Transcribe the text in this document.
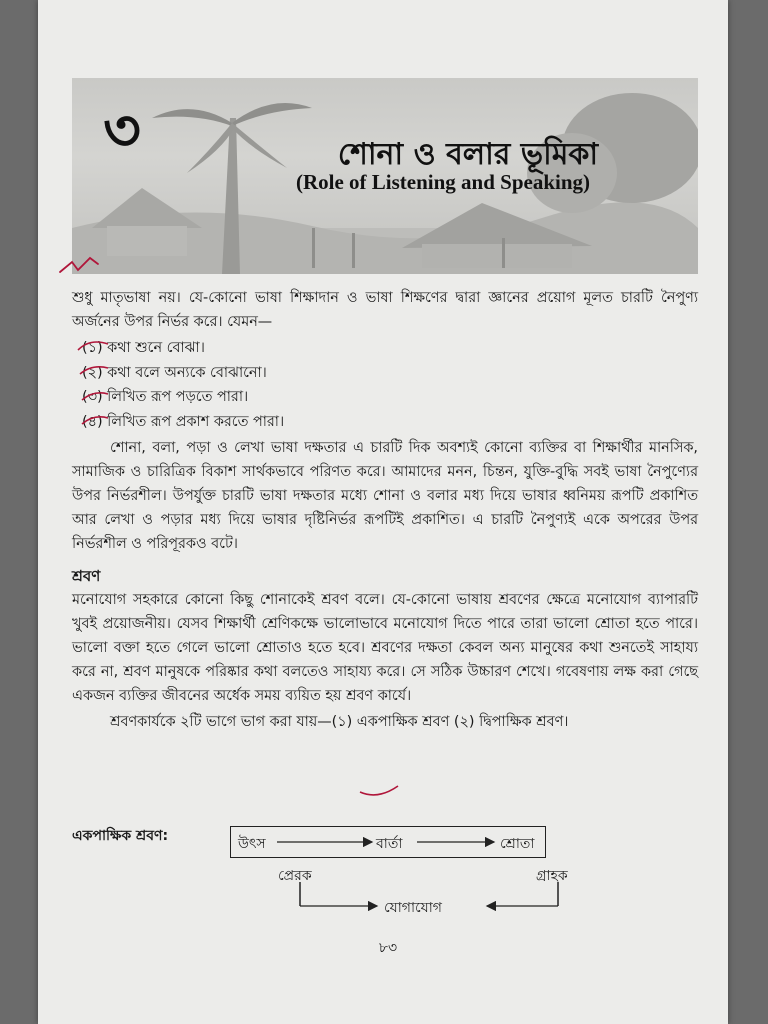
৩	শোনা ও বলার ভূমিকা
(Role of Listening and Speaking)

শুধু মাতৃভাষা নয়। যে-কোনো ভাষা শিক্ষাদান ও ভাষা শিক্ষণের দ্বারা জ্ঞানের প্রয়োগ মূলত চারটি নৈপুণ্য অর্জনের উপর নির্ভর করে। যেমন—

(১) কথা শুনে বোঝা।
(২) কথা বলে অন্যকে বোঝানো।
(৩) লিখিত রূপ পড়তে পারা।
(৪) লিখিত রূপ প্রকাশ করতে পারা।

শোনা, বলা, পড়া ও লেখা ভাষা দক্ষতার এ চারটি দিক অবশ্যই কোনো ব্যক্তির বা শিক্ষার্থীর মানসিক, সামাজিক ও চারিত্রিক বিকাশ সার্থকভাবে পরিণত করে। আমাদের মনন, চিন্তন, যুক্তি-বুদ্ধি সবই ভাষা নৈপুণ্যের উপর নির্ভরশীল। উপর্যুক্ত চারটি ভাষা দক্ষতার মধ্যে শোনা ও বলার মধ্য দিয়ে ভাষার ধ্বনিময় রূপটি প্রকাশিত আর লেখা ও পড়ার মধ্য দিয়ে ভাষার দৃষ্টিনির্ভর রূপটিই প্রকাশিত। এ চারটি নৈপুণ্যই একে অপরের উপর নির্ভরশীল ও পরিপূরকও বটে।

শ্রবণ

মনোযোগ সহকারে কোনো কিছু শোনাকেই শ্রবণ বলে। যে-কোনো ভাষায় শ্রবণের ক্ষেত্রে মনোযোগ ব্যাপারটি খুবই প্রয়োজনীয়। যেসব শিক্ষার্থী শ্রেণিকক্ষে ভালোভাবে মনোযোগ দিতে পারে তারা ভালো শ্রোতা হতে পারে। ভালো বক্তা হতে গেলে ভালো শ্রোতাও হতে হবে। শ্রবণের দক্ষতা কেবল অন্য মানুষের কথা শুনতেই সাহায্য করে না, শ্রবণ মানুষকে পরিষ্কার কথা বলতেও সাহায্য করে। সে সঠিক উচ্চারণ শেখে। গবেষণায় লক্ষ করা গেছে একজন ব্যক্তির জীবনের অর্ধেক সময় ব্যয়িত হয় শ্রবণ কার্যে।

শ্রবণকার্যকে ২টি ভাগে ভাগ করা যায়—(১) একপাক্ষিক শ্রবণ (২) দ্বিপাক্ষিক শ্রবণ।

একপাক্ষিক শ্রবণ:	উৎস	বার্তা	শ্রোতা
প্রেরক	গ্রাহক
যোগাযোগ
৮৩
